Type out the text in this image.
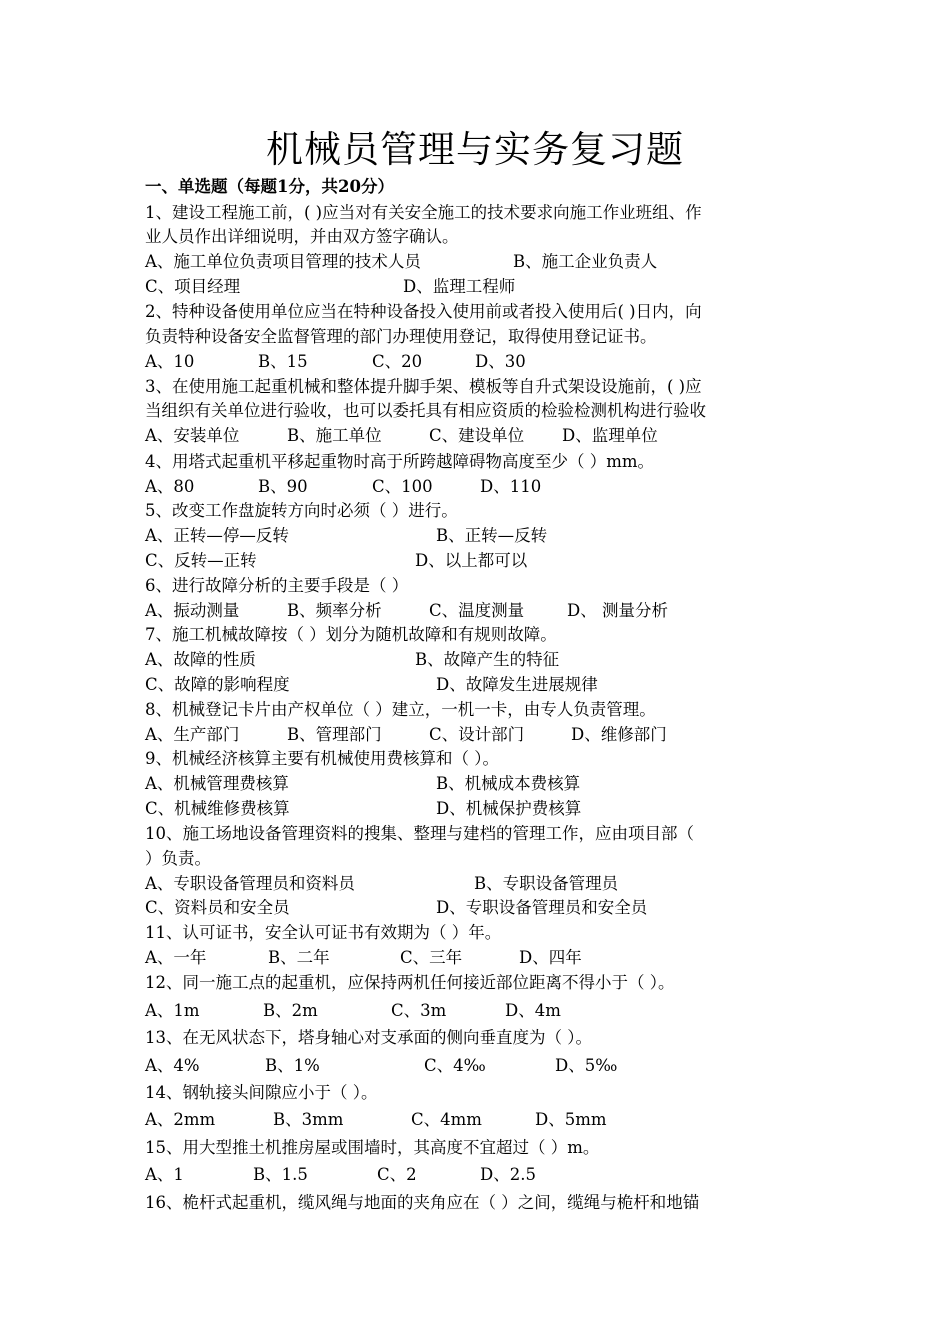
机械员管理与实务复习题
一、单选题（每题1分，共20分）
1、建设工程施工前，( )应当对有关安全施工的技术要求向施工作业班组、作
业人员作出详细说明，并由双方签字确认。
A、施工单位负责项目管理的技术人员	B、施工企业负责人
C、项目经理	D、监理工程师
2、特种设备使用单位应当在特种设备投入使用前或者投入使用后( )日内，向
负责特种设备安全监督管理的部门办理使用登记，取得使用登记证书。
A、10	B、15	C、20	D、30
3、在使用施工起重机械和整体提升脚手架、模板等自升式架设设施前，( )应
当组织有关单位进行验收，也可以委托具有相应资质的检验检测机构进行验收
A、安装单位	B、施工单位	C、建设单位 D、监理单位
4、用塔式起重机平移起重物时高于所跨越障碍物高度至少（ ）mm。
A、80	B、90	C、100	D、110
5、改变工作盘旋转方向时必须（ ）进行。
A、正转—停—反转	B、正转—反转
C、反转—正转	D、以上都可以
6、进行故障分析的主要手段是（ ）
A、振动测量	B、频率分析	C、温度测量	D、 测量分析
7、施工机械故障按（ ）划分为随机故障和有规则故障。
A、故障的性质	B、故障产生的特征
C、故障的影响程度	D、故障发生进展规律
8、机械登记卡片由产权单位（ ）建立，一机一卡，由专人负责管理。
A、生产部门	B、管理部门	C、设计部门	D、维修部门
9、机械经济核算主要有机械使用费核算和（ ）。
A、机械管理费核算	B、机械成本费核算
C、机械维修费核算	D、机械保护费核算
10、施工场地设备管理资料的搜集、整理与建档的管理工作，应由项目部（
）负责。
A、专职设备管理员和资料员	B、专职设备管理员
C、资料员和安全员	D、专职设备管理员和安全员
11、认可证书，安全认可证书有效期为（ ）年。
A、一年	B、二年	C、三年	D、四年
12、同一施工点的起重机，应保持两机任何接近部位距离不得小于（ ）。
A、1m	B、2m	C、3m	D、4m
13、在无风状态下，塔身轴心对支承面的侧向垂直度为（ ）。
A、4%	B、1%	C、4‰	D、5‰
14、钢轨接头间隙应小于（ ）。
A、2mm	B、3mm	C、4mm	D、5mm
15、用大型推土机推房屋或围墙时，其高度不宜超过（ ）m。
A、1	B、1.5	C、2	D、2.5
16、桅杆式起重机，缆风绳与地面的夹角应在（ ）之间，缆绳与桅杆和地锚
